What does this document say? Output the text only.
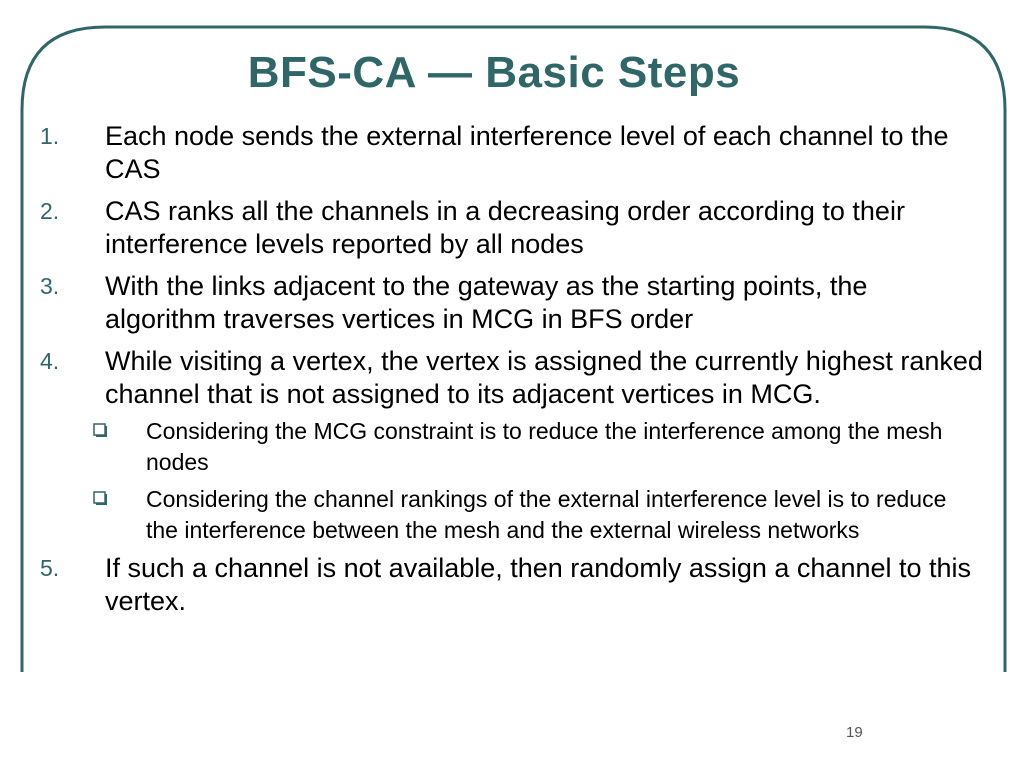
BFS-CA — Basic Steps
1. Each node sends the external interference level of each channel to the CAS
2. CAS ranks all the channels in a decreasing order according to their interference levels reported by all nodes
3. With the links adjacent to the gateway as the starting points, the algorithm traverses vertices in MCG in BFS order
4. While visiting a vertex, the vertex is assigned the currently highest ranked channel that is not assigned to its adjacent vertices in MCG.
Considering the MCG constraint is to reduce the interference among the mesh nodes
Considering the channel rankings of the external interference level is to reduce the interference between the mesh and the external wireless networks
5. If such a channel is not available, then randomly assign a channel to this vertex.
19
